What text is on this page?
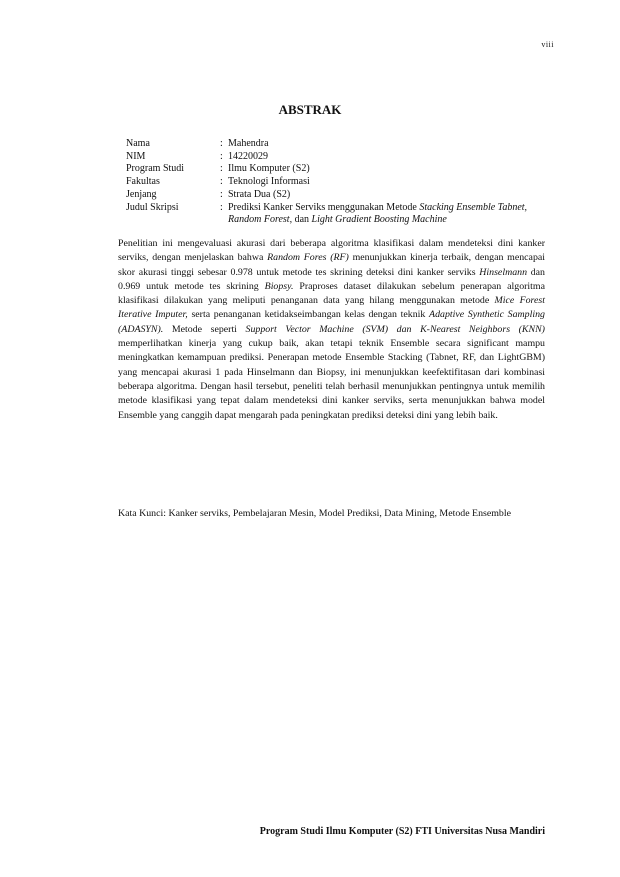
viii
ABSTRAK
Nama	: Mahendra
NIM	: 14220029
Program Studi	: Ilmu Komputer (S2)
Fakultas	: Teknologi Informasi
Jenjang	: Strata Dua (S2)
Judul Skripsi	: Prediksi Kanker Serviks menggunakan Metode Stacking Ensemble Tabnet, Random Forest, dan Light Gradient Boosting Machine

Penelitian ini mengevaluasi akurasi dari beberapa algoritma klasifikasi dalam mendeteksi dini kanker serviks, dengan menjelaskan bahwa Random Fores (RF) menunjukkan kinerja terbaik, dengan mencapai skor akurasi tinggi sebesar 0.978 untuk metode tes skrining deteksi dini kanker serviks Hinselmann dan 0.969 untuk metode tes skrining Biopsy. Praproses dataset dilakukan sebelum penerapan algoritma klasifikasi dilakukan yang meliputi penanganan data yang hilang menggunakan metode Mice Forest Iterative Imputer, serta penanganan ketidakseimbangan kelas dengan teknik Adaptive Synthetic Sampling (ADASYN). Metode seperti Support Vector Machine (SVM) dan K-Nearest Neighbors (KNN) memperlihatkan kinerja yang cukup baik, akan tetapi teknik Ensemble secara significant mampu meningkatkan kemampuan prediksi. Penerapan metode Ensemble Stacking (Tabnet, RF, dan LightGBM) yang mencapai akurasi 1 pada Hinselmann dan Biopsy, ini menunjukkan keefektifitasan dari kombinasi beberapa algoritma. Dengan hasil tersebut, peneliti telah berhasil menunjukkan pentingnya untuk memilih metode klasifikasi yang tepat dalam mendeteksi dini kanker serviks, serta menunjukkan bahwa model Ensemble yang canggih dapat mengarah pada peningkatan prediksi deteksi dini yang lebih baik.

Kata Kunci: Kanker serviks, Pembelajaran Mesin, Model Prediksi, Data Mining, Metode Ensemble

Program Studi Ilmu Komputer (S2) FTI Universitas Nusa Mandiri
